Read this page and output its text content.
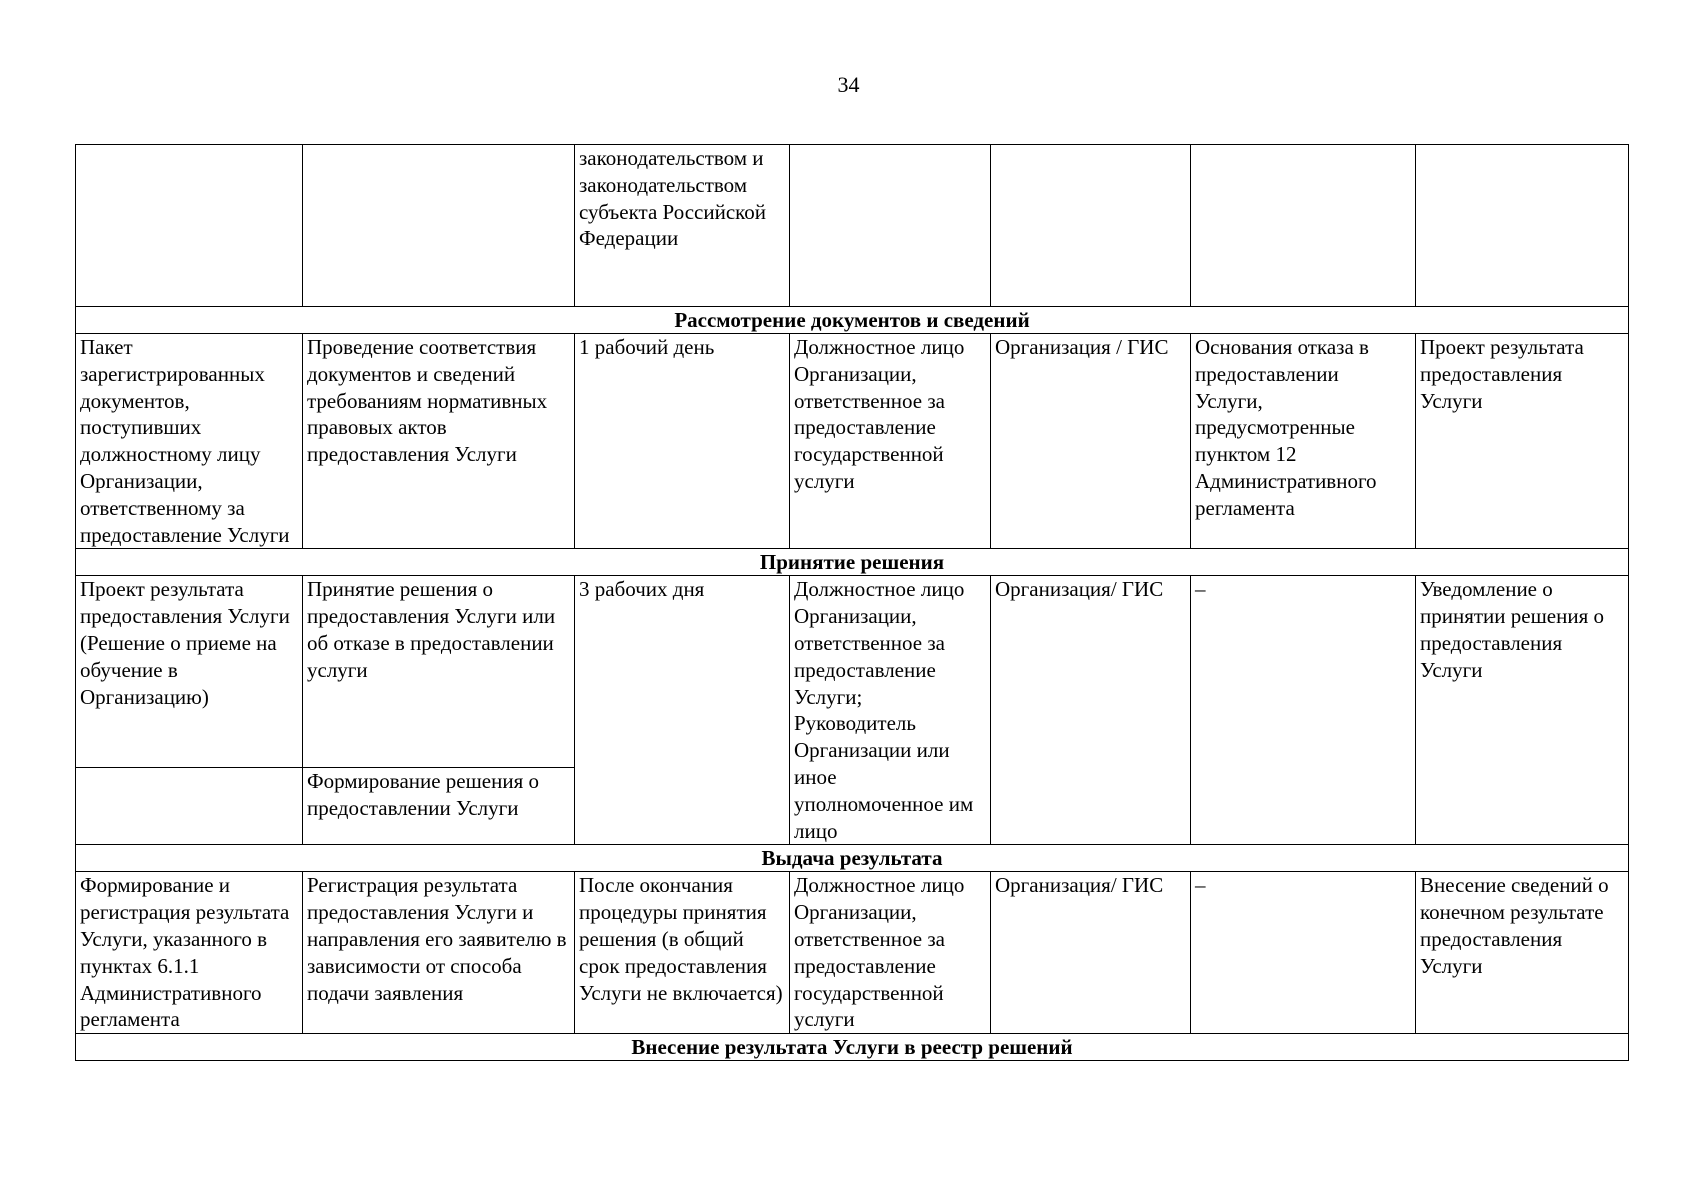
34
		законодательством и законодательством субъекта Российской Федерации				
Рассмотрение документов и сведений						
Пакет зарегистрированных документов, поступивших должностному лицу Организации, ответственному за предоставление Услуги	Проведение соответствия документов и сведений требованиям нормативных правовых актов предоставления Услуги	1 рабочий день	Должностное лицо Организации, ответственное за предоставление государственной услуги	Организация / ГИС	Основания отказа в предоставлении Услуги, предусмотренные пунктом 12 Административного регламента	Проект результата предоставления Услуги
Принятие решения						
Проект результата предоставления Услуги (Решение о приеме на обучение в Организацию)	Принятие решения о предоставления Услуги или об отказе в предоставлении услуги	3 рабочих дня	Должностное лицо Организации, ответственное за предоставление Услуги; Руководитель Организации или иное уполномоченное им лицо	Организация/ ГИС	–	Уведомление о принятии решения о предоставления Услуги
	Формирование решения о предоставлении Услуги					
Выдача результата						
Формирование и регистрация результата Услуги, указанного в пунктах 6.1.1 Административного регламента	Регистрация результата предоставления Услуги и направления его заявителю в зависимости от способа подачи заявления	После окончания процедуры принятия решения (в общий срок предоставления Услуги не включается)	Должностное лицо Организации, ответственное за предоставление государственной услуги	Организация/ ГИС	–	Внесение сведений о конечном результате предоставления Услуги
Внесение результата Услуги в реестр решений						
